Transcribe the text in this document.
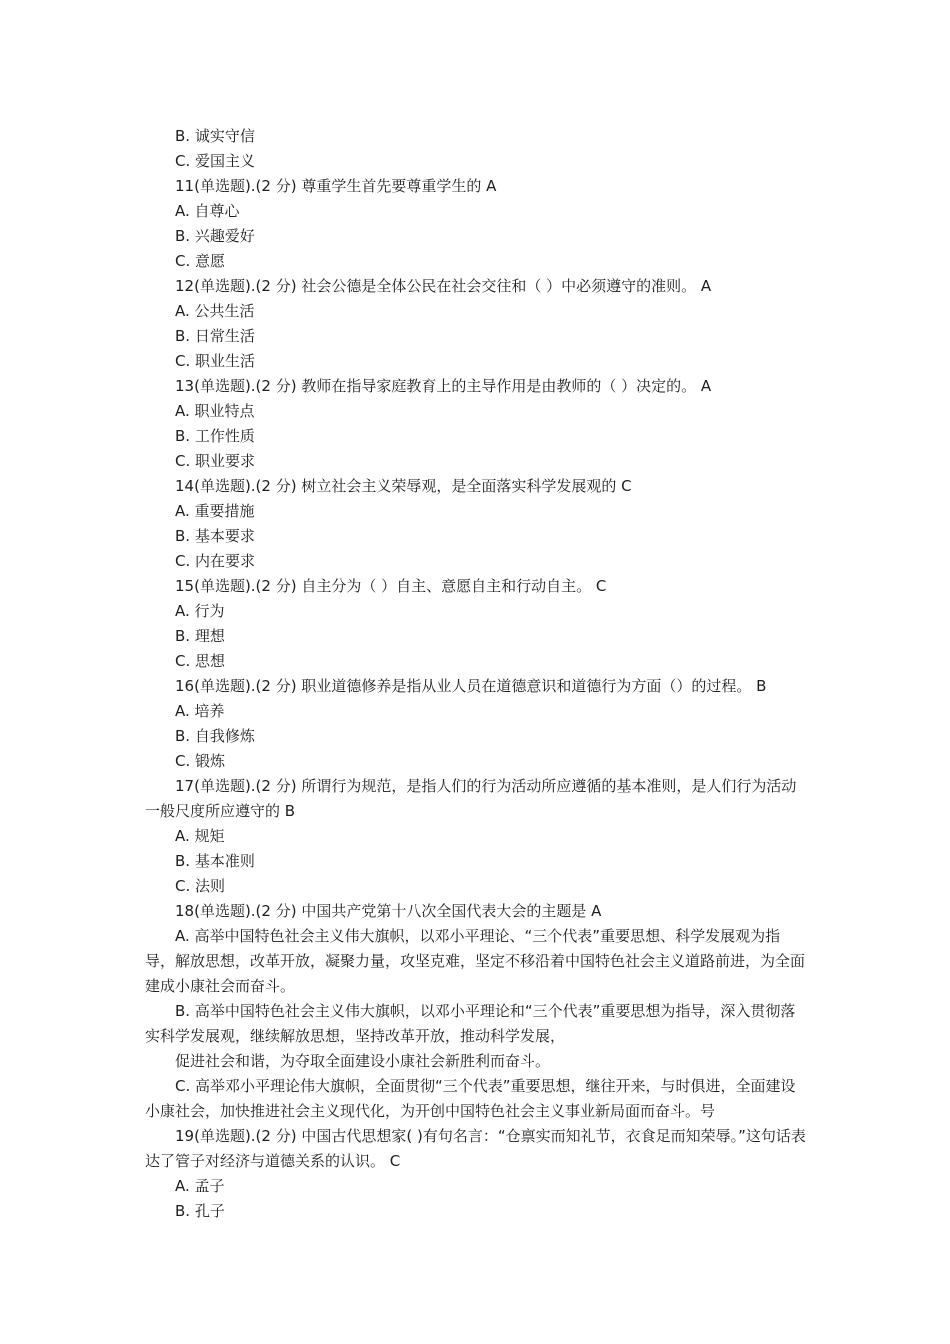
B. 诚实守信
C. 爱国主义
11(单选题).(2 分) 尊重学生首先要尊重学生的 A
A. 自尊心
B. 兴趣爱好
C. 意愿
12(单选题).(2 分) 社会公德是全体公民在社会交往和（ ）中必须遵守的准则。 A
A. 公共生活
B. 日常生活
C. 职业生活
13(单选题).(2 分) 教师在指导家庭教育上的主导作用是由教师的（ ）决定的。 A
A. 职业特点
B. 工作性质
C. 职业要求
14(单选题).(2 分) 树立社会主义荣辱观，是全面落实科学发展观的 C
A. 重要措施
B. 基本要求
C. 内在要求
15(单选题).(2 分) 自主分为（ ）自主、意愿自主和行动自主。 C
A. 行为
B. 理想
C. 思想
16(单选题).(2 分) 职业道德修养是指从业人员在道德意识和道德行为方面（）的过程。 B
A. 培养
B. 自我修炼
C. 锻炼
17(单选题).(2 分) 所谓行为规范，是指人们的行为活动所应遵循的基本准则，是人们行为活动一般尺度所应遵守的 B
A. 规矩
B. 基本准则
C. 法则
18(单选题).(2 分) 中国共产党第十八次全国代表大会的主题是 A
A. 高举中国特色社会主义伟大旗帜，以邓小平理论、“三个代表”重要思想、科学发展观为指导，解放思想，改革开放，凝聚力量，攻坚克难，坚定不移沿着中国特色社会主义道路前进，为全面建成小康社会而奋斗。
B. 高举中国特色社会主义伟大旗帜，以邓小平理论和“三个代表”重要思想为指导，深入贯彻落实科学发展观，继续解放思想，坚持改革开放，推动科学发展，
促进社会和谐，为夺取全面建设小康社会新胜利而奋斗。
C. 高举邓小平理论伟大旗帜，全面贯彻“三个代表”重要思想，继往开来，与时俱进，全面建设小康社会，加快推进社会主义现代化，为开创中国特色社会主义事业新局面而奋斗。号
19(单选题).(2 分) 中国古代思想家( )有句名言：“仓禀实而知礼节，衣食足而知荣辱。”这句话表达了管子对经济与道德关系的认识。 C
A. 孟子
B. 孔子
